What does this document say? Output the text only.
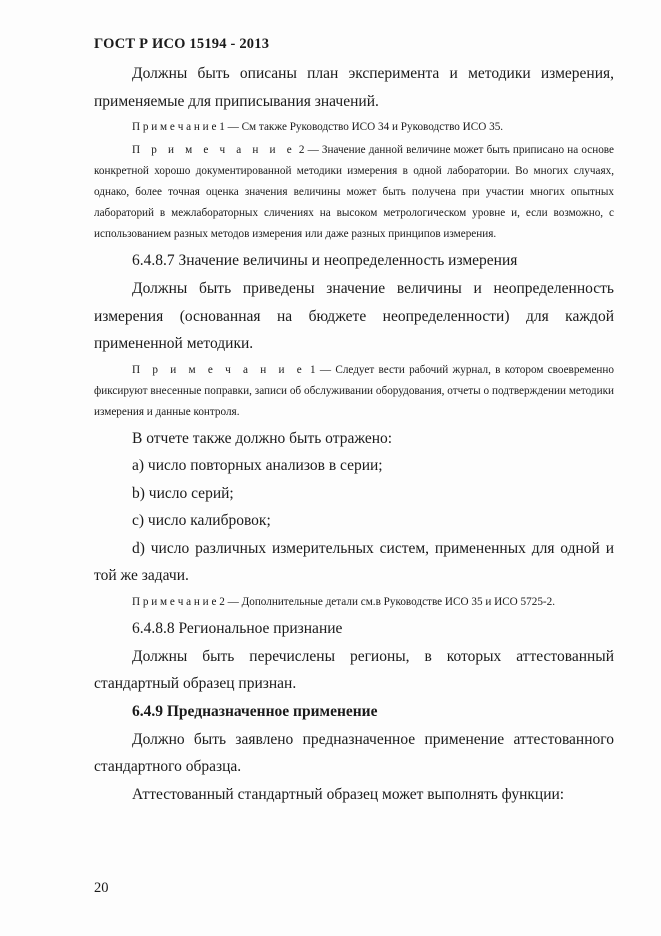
ГОСТ Р ИСО 15194 - 2013

Должны быть описаны план эксперимента и методики измерения, применяемые для приписывания значений.

П р и м е ч а н и е 1 — См также Руководство ИСО 34 и Руководство ИСО 35.

П р и м е ч а н и е 2 — Значение данной величине может быть приписано на основе конкретной хорошо документированной методики измерения в одной лаборатории. Во многих случаях, однако, более точная оценка значения величины может быть получена при участии многих опытных лабораторий в межлабораторных сличениях на высоком метрологическом уровне и, если возможно, с использованием разных методов измерения или даже разных принципов измерения.

6.4.8.7 Значение величины и неопределенность измерения

Должны быть приведены значение величины и неопределенность измерения (основанная на бюджете неопределенности) для каждой примененной методики.

П р и м е ч а н и е 1 — Следует вести рабочий журнал, в котором своевременно фиксируют внесенные поправки, записи об обслуживании оборудования, отчеты о подтверждении методики измерения и данные контроля.

В отчете также должно быть отражено:

а) число повторных анализов в серии;

b) число серий;

с) число калибровок;

d) число различных измерительных систем, примененных для одной и той же задачи.

П р и м е ч а н и е 2 — Дополнительные детали см.в Руководстве ИСО 35 и ИСО 5725-2.

6.4.8.8 Региональное признание

Должны быть перечислены регионы, в которых аттестованный стандартный образец признан.

6.4.9 Предназначенное применение

Должно быть заявлено предназначенное применение аттестованного стандартного образца.

Аттестованный стандартный образец может выполнять функции:

20
